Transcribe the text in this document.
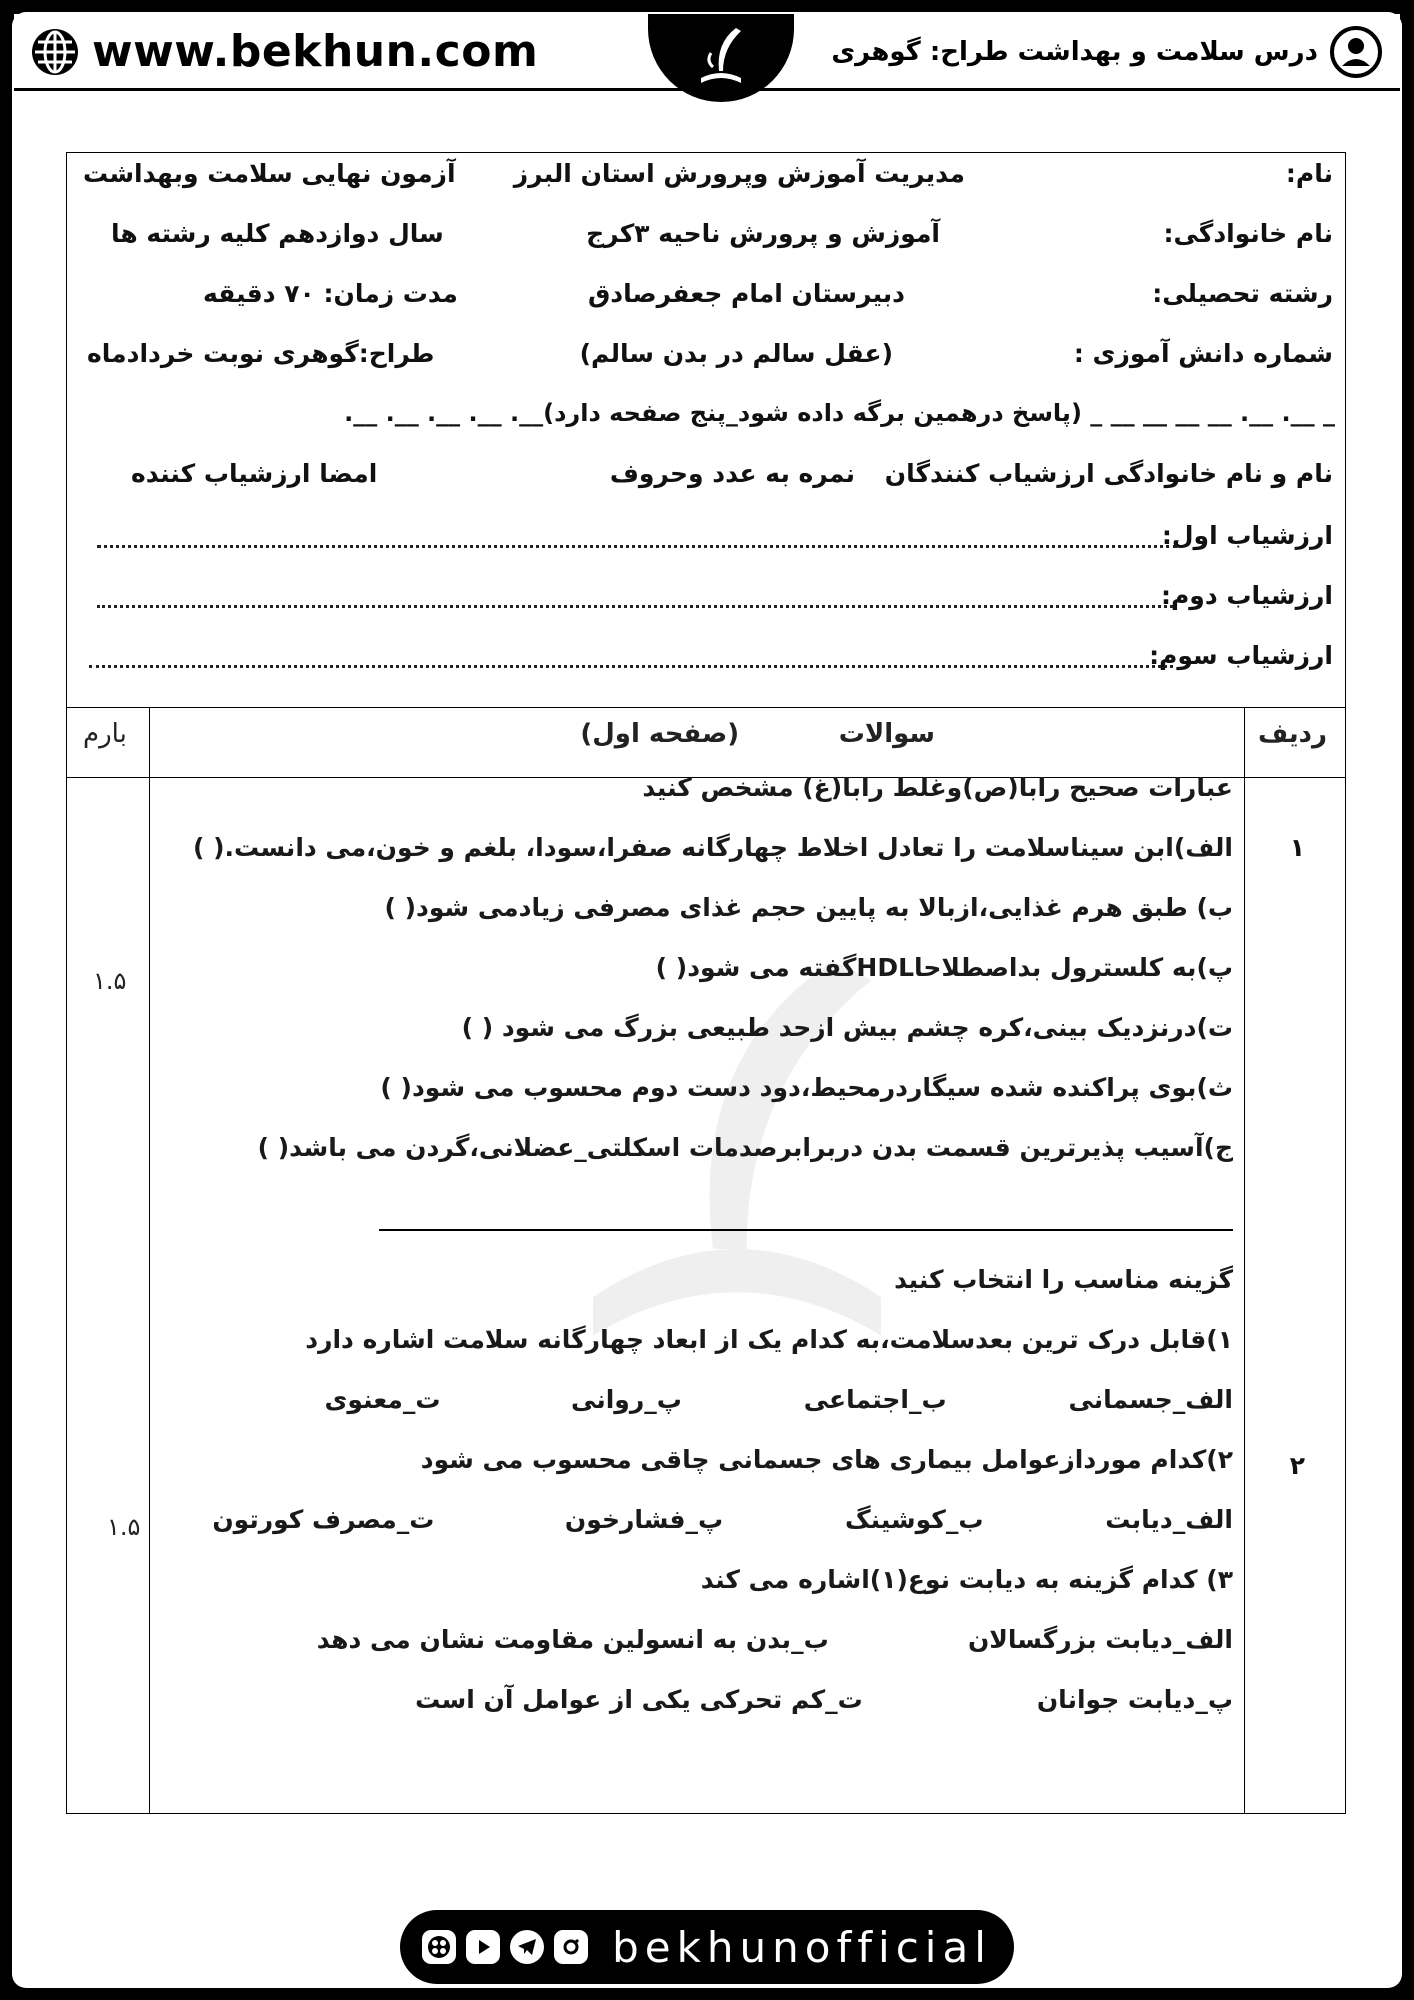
www.bekhun.com	درس سلامت و بهداشت طراح: گوهری
نام:
مدیریت آموزش وپرورش استان البرز
آزمون نهایی سلامت وبهداشت
نام خانوادگی:
آموزش و پرورش ناحیه ۳کرج
سال دوازدهم کلیه رشته ها
رشته تحصیلی:
دبیرستان امام جعفرصادق
مدت زمان: ۷۰ دقیقه
شماره دانش آموزی :
(عقل سالم در بدن سالم)
طراح:گوهری نوبت خردادماه
_ __. __. __ __ __ __ _ (پاسخ درهمین برگه داده شود_پنج صفحه دارد)__. __. __. __. __.
نام و نام خانوادگی ارزشیاب کنندگان
نمره به عدد وحروف
امضا ارزشیاب کننده
ارزشیاب اول:
ارزشیاب دوم:
ارزشیاب سوم:
ردیف
سوالات           (صفحه اول)
بارم
عبارات صحیح رابا(ص)وغلط رابا(غ) مشخص کنید
الف)ابن سیناسلامت را تعادل اخلاط چهارگانه صفرا،سودا، بلغم و خون،می دانست.( )
ب) طبق هرم غذایی،ازبالا به پایین حجم غذای مصرفی زیادمی شود( )
پ)به کلسترول بداصطلاحاHDLگفته می شود( )
ت)درنزدیک بینی،کره چشم بیش ازحد طبیعی بزرگ می شود ( )
ث)بوی پراکنده شده سیگاردرمحیط،دود دست دوم محسوب می شود( )
ج)آسیب پذیرترین قسمت بدن دربرابرصدمات اسکلتی_عضلانی،گردن می باشد( )
۱
۱.۵
گزینه مناسب را انتخاب کنید
۱)قابل درک ترین بعدسلامت،به کدام یک از ابعاد چهارگانه سلامت اشاره دارد
الف_جسمانی              ب_اجتماعی              پ_روانی               ت_معنوی
۲)کدام موردازعوامل بیماری های جسمانی چاقی محسوب می شود
الف_دیابت              ب_کوشینگ              پ_فشارخون               ت_مصرف کورتون
۳) کدام گزینه به دیابت نوع(۱)اشاره می کند
الف_دیابت بزرگسالان                ب_بدن به انسولین مقاومت نشان می دهد
پ_دیابت جوانان                    ت_کم تحرکی یکی از عوامل آن است
۲
۱.۵
bekhunofficial
